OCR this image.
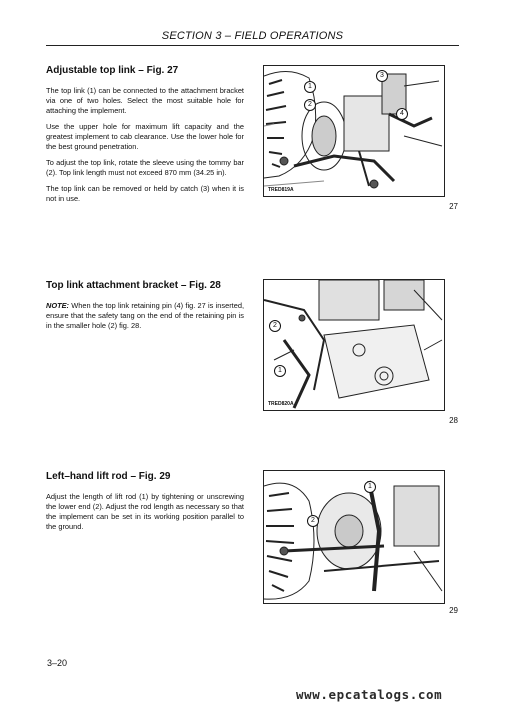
SECTION 3 – FIELD OPERATIONS
Adjustable top link – Fig. 27

The top link (1) can be connected to the attachment bracket via one of two holes. Select the most suitable hole for attaching the implement.

Use the upper hole for maximum lift capacity and the greatest implement to cab clearance. Use the lower hole for the best ground penetration.

To adjust the top link, rotate the sleeve using the tommy bar (2). Top link length must not exceed 870 mm (34.25 in).

The top link can be removed or held by catch (3) when it is not in use.

Top link attachment bracket – Fig. 28

NOTE: When the top link retaining pin (4) fig. 27 is inserted, ensure that the safety tang on the end of the retaining pin is in the smaller hole (2) fig. 28.

Left–hand lift rod – Fig. 29

Adjust the length of lift rod (1) by tightening or unscrewing the lower end (2). Adjust the rod length as necessary so that the implement can be set in its working position parallel to the ground.

1
2
3
4
TRED819A
27
1
2
TRED820A
28
1
2
29
3–20
www.epcatalogs.com
